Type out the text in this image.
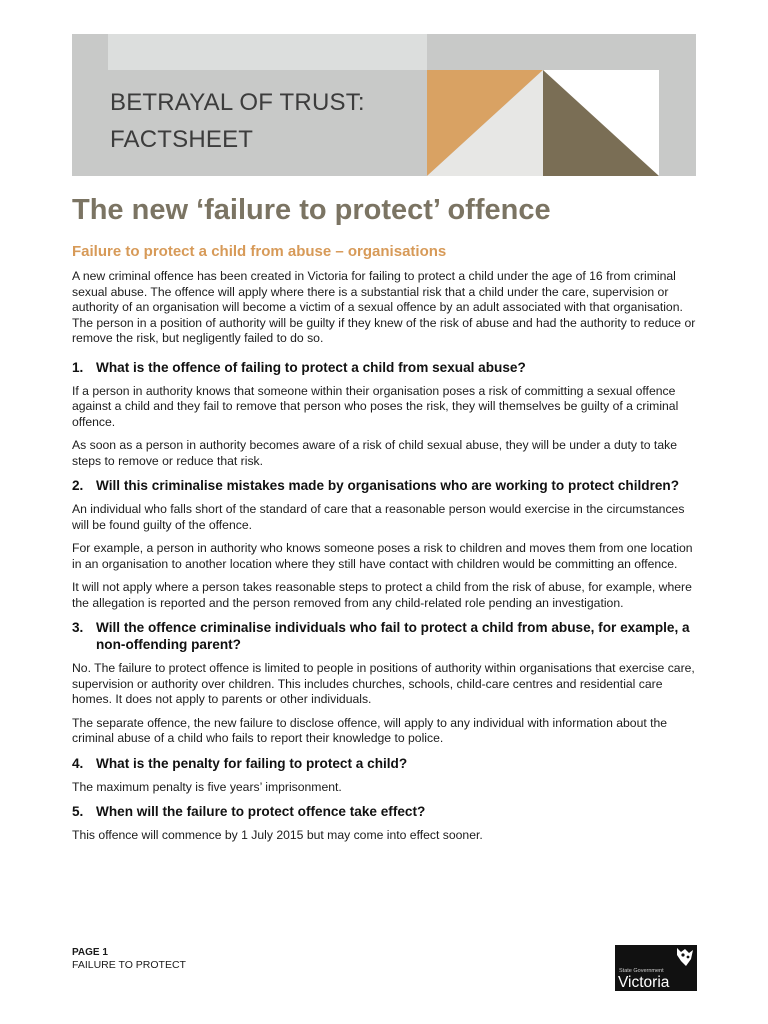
BETRAYAL OF TRUST:
FACTSHEET
The new ‘failure to protect’ offence
Failure to protect a child from abuse – organisations

A new criminal offence has been created in Victoria for failing to protect a child under the age of 16 from criminal sexual abuse. The offence will apply where there is a substantial risk that a child under the care, supervision or authority of an organisation will become a victim of a sexual offence by an adult associated with that organisation. The person in a position of authority will be guilty if they knew of the risk of abuse and had the authority to reduce or remove the risk, but negligently failed to do so.

1. What is the offence of failing to protect a child from sexual abuse?

If a person in authority knows that someone within their organisation poses a risk of committing a sexual offence against a child and they fail to remove that person who poses the risk, they will themselves be guilty of a criminal offence.

As soon as a person in authority becomes aware of a risk of child sexual abuse, they will be under a duty to take steps to remove or reduce that risk.

2. Will this criminalise mistakes made by organisations who are working to protect children?

An individual who falls short of the standard of care that a reasonable person would exercise in the circumstances will be found guilty of the offence.

For example, a person in authority who knows someone poses a risk to children and moves them from one location in an organisation to another location where they still have contact with children would be committing an offence.

It will not apply where a person takes reasonable steps to protect a child from the risk of abuse, for example, where the allegation is reported and the person removed from any child-related role pending an investigation.

3. Will the offence criminalise individuals who fail to protect a child from abuse, for example, a non-offending parent?

No. The failure to protect offence is limited to people in positions of authority within organisations that exercise care, supervision or authority over children. This includes churches, schools, child-care centres and residential care homes. It does not apply to parents or other individuals.

The separate offence, the new failure to disclose offence, will apply to any individual with information about the criminal abuse of a child who fails to report their knowledge to police.

4. What is the penalty for failing to protect a child?

The maximum penalty is five years’ imprisonment.

5. When will the failure to protect offence take effect?

This offence will commence by 1 July 2015 but may come into effect sooner.

PAGE 1
FAILURE TO PROTECT	State Government
Victoria
